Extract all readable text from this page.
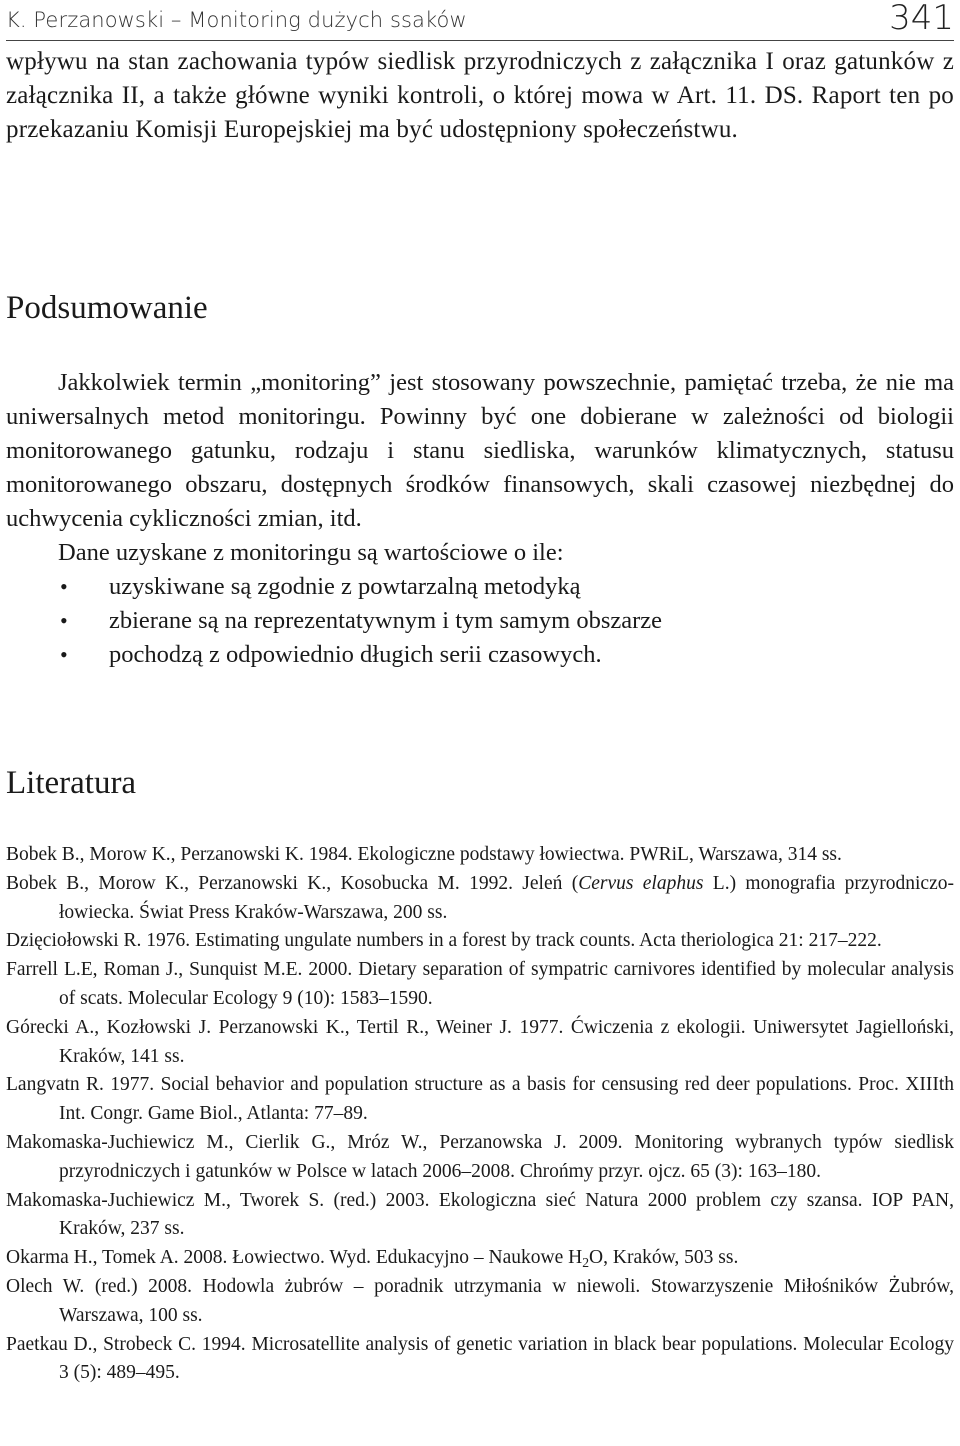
K. Perzanowski – Monitoring dużych ssaków	341

wpływu na stan zachowania typów siedlisk przyrodniczych z załącznika I oraz gatunków z załącznika II, a także główne wyniki kontroli, o której mowa w Art. 11. DS. Raport ten po przekazaniu Komisji Europejskiej ma być udostępniony społeczeństwu.

Podsumowanie

Jakkolwiek termin „monitoring” jest stosowany powszechnie, pamiętać trzeba, że nie ma uniwersalnych metod monitoringu. Powinny być one dobierane w zależności od biologii monitorowanego gatunku, rodzaju i stanu siedliska, warunków klimatycznych, statusu monitorowanego obszaru, dostępnych środków finansowych, skali czasowej niezbędnej do uchwycenia cykliczności zmian, itd.

Dane uzyskane z monitoringu są wartościowe o ile:

• uzyskiwane są zgodnie z powtarzalną metodyką
• zbierane są na reprezentatywnym i tym samym obszarze
• pochodzą z odpowiednio długich serii czasowych.
Literatura

Bobek B., Morow K., Perzanowski K. 1984. Ekologiczne podstawy łowiectwa. PWRiL, Warszawa, 314 ss.

Bobek B., Morow K., Perzanowski K., Kosobucka M. 1992. Jeleń (Cervus elaphus L.) monografia przyrodniczo-łowiecka. Świat Press Kraków-Warszawa, 200 ss.

Dzięciołowski R. 1976. Estimating ungulate numbers in a forest by track counts. Acta theriologica 21: 217–222.

Farrell L.E, Roman J., Sunquist M.E. 2000. Dietary separation of sympatric carnivores identified by molecular analysis of scats. Molecular Ecology 9 (10): 1583–1590.

Górecki A., Kozłowski J. Perzanowski K., Tertil R., Weiner J. 1977. Ćwiczenia z ekologii. Uniwersytet Jagielloński, Kraków, 141 ss.

Langvatn R. 1977. Social behavior and population structure as a basis for censusing red deer populations. Proc. XIIIth Int. Congr. Game Biol., Atlanta: 77–89.

Makomaska-Juchiewicz M., Cierlik G., Mróz W., Perzanowska J. 2009. Monitoring wybranych typów siedlisk przyrodniczych i gatunków w Polsce w latach 2006–2008. Chrońmy przyr. ojcz. 65 (3): 163–180.

Makomaska-Juchiewicz M., Tworek S. (red.) 2003. Ekologiczna sieć Natura 2000 problem czy szansa. IOP PAN, Kraków, 237 ss.

Okarma H., Tomek A. 2008. Łowiectwo. Wyd. Edukacyjno – Naukowe $H_2O$, Kraków, 503 ss.

Olech W. (red.) 2008. Hodowla żubrów – poradnik utrzymania w niewoli. Stowarzyszenie Miłośników Żubrów, Warszawa, 100 ss.

Paetkau D., Strobeck C. 1994. Microsatellite analysis of genetic variation in black bear populations. Molecular Ecology 3 (5): 489–495.
